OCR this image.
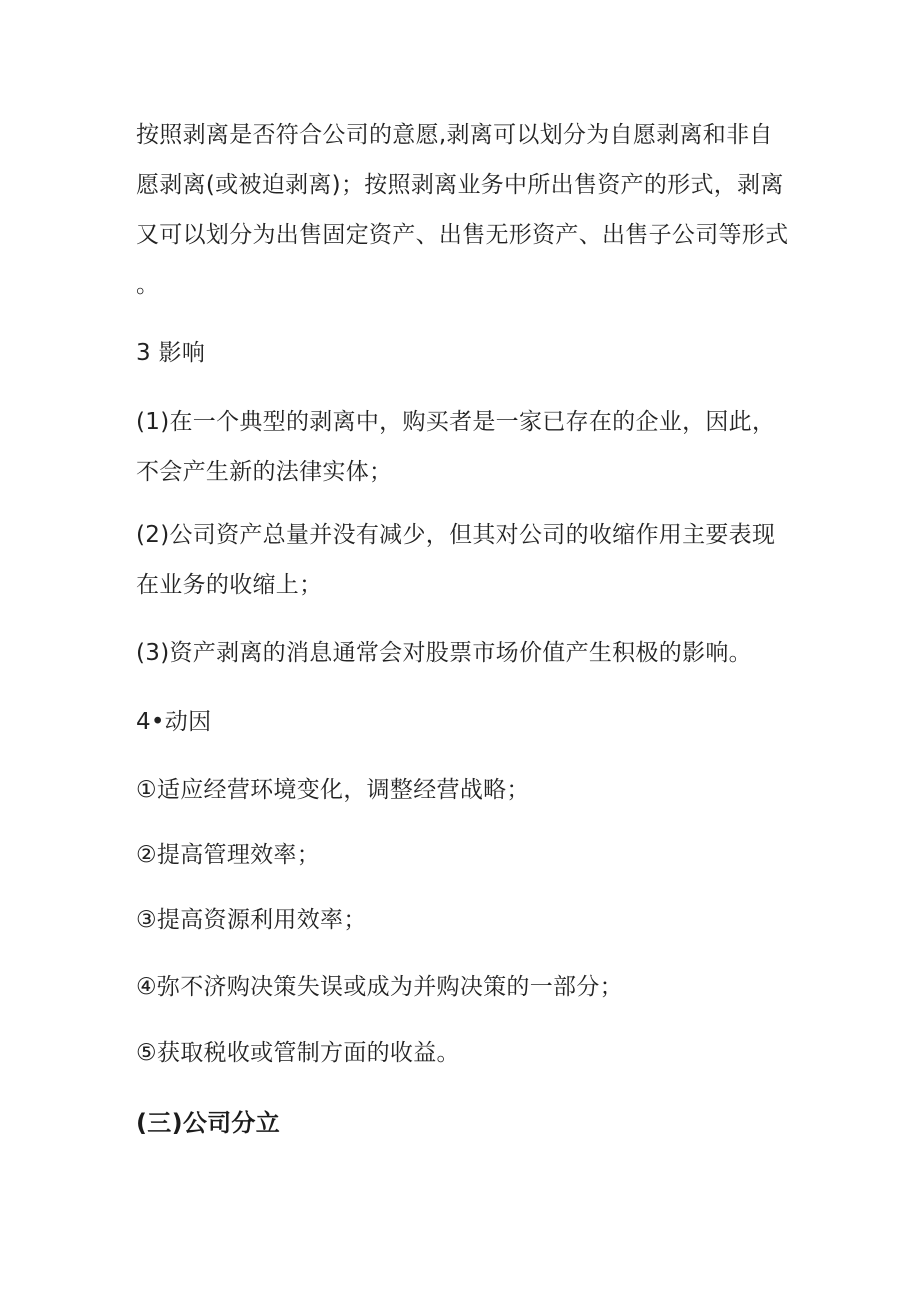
按照剥离是否符合公司的意愿,剥离可以划分为自愿剥离和非自
愿剥离(或被迫剥离)；按照剥离业务中所出售资产的形式，剥离
又可以划分为出售固定资产、出售无形资产、出售子公司等形式
。
3 影响
(1)在一个典型的剥离中，购买者是一家已存在的企业，因此，
不会产生新的法律实体；
(2)公司资产总量并没有减少，但其对公司的收缩作用主要表现
在业务的收缩上；
(3)资产剥离的消息通常会对股票市场价值产生积极的影响。
4•动因
①适应经营环境变化，调整经营战略；
②提高管理效率；
③提高资源利用效率；
④弥不济购决策失误或成为并购决策的一部分；
⑤获取税收或管制方面的收益。
(三)公司分立
